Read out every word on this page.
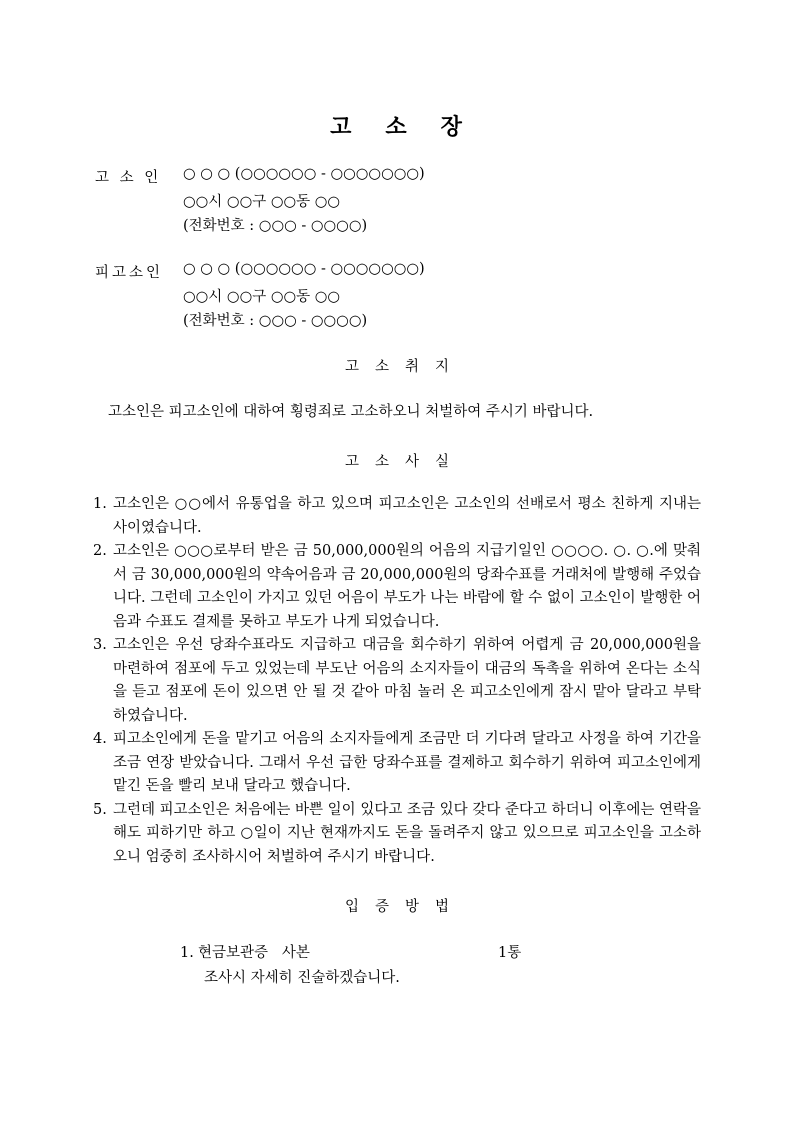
고 소 장
고 소 인	○ ○ ○ (○○○○○○ - ○○○○○○○)
○○시 ○○구 ○○동 ○○
(전화번호 : ○○○ - ○○○○)
피고소인	○ ○ ○ (○○○○○○ - ○○○○○○○)
○○시 ○○구 ○○동 ○○
(전화번호 : ○○○ - ○○○○)
고 소 취 지
고소인은 피고소인에 대하여 횡령죄로 고소하오니 처벌하여 주시기 바랍니다.
고 소 사 실
1. 고소인은 ○○에서 유통업을 하고 있으며 피고소인은 고소인의 선배로서 평소 친하게 지내는 사이였습니다.
2. 고소인은 ○○○로부터 받은 금 50,000,000원의 어음의 지급기일인 ○○○○. ○. ○.에 맞춰서 금 30,000,000원의 약속어음과 금 20,000,000원의 당좌수표를 거래처에 발행해 주었습니다. 그런데 고소인이 가지고 있던 어음이 부도가 나는 바람에 할 수 없이 고소인이 발행한 어음과 수표도 결제를 못하고 부도가 나게 되었습니다.
3. 고소인은 우선 당좌수표라도 지급하고 대금을 회수하기 위하여 어렵게 금 20,000,000원을 마련하여 점포에 두고 있었는데 부도난 어음의 소지자들이 대금의 독촉을 위하여 온다는 소식을 듣고 점포에 돈이 있으면 안 될 것 같아 마침 놀러 온 피고소인에게 잠시 맡아 달라고 부탁하였습니다.
4. 피고소인에게 돈을 맡기고 어음의 소지자들에게 조금만 더 기다려 달라고 사정을 하여 기간을 조금 연장 받았습니다. 그래서 우선 급한 당좌수표를 결제하고 회수하기 위하여 피고소인에게 맡긴 돈을 빨리 보내 달라고 했습니다.
5. 그런데 피고소인은 처음에는 바쁜 일이 있다고 조금 있다 갖다 준다고 하더니 이후에는 연락을 해도 피하기만 하고 ○일이 지난 현재까지도 돈을 돌려주지 않고 있으므로 피고소인을 고소하오니 엄중히 조사하시어 처벌하여 주시기 바랍니다.
입 증 방 법
1. 현금보관증   사본	1통
조사시 자세히 진술하겠습니다.
